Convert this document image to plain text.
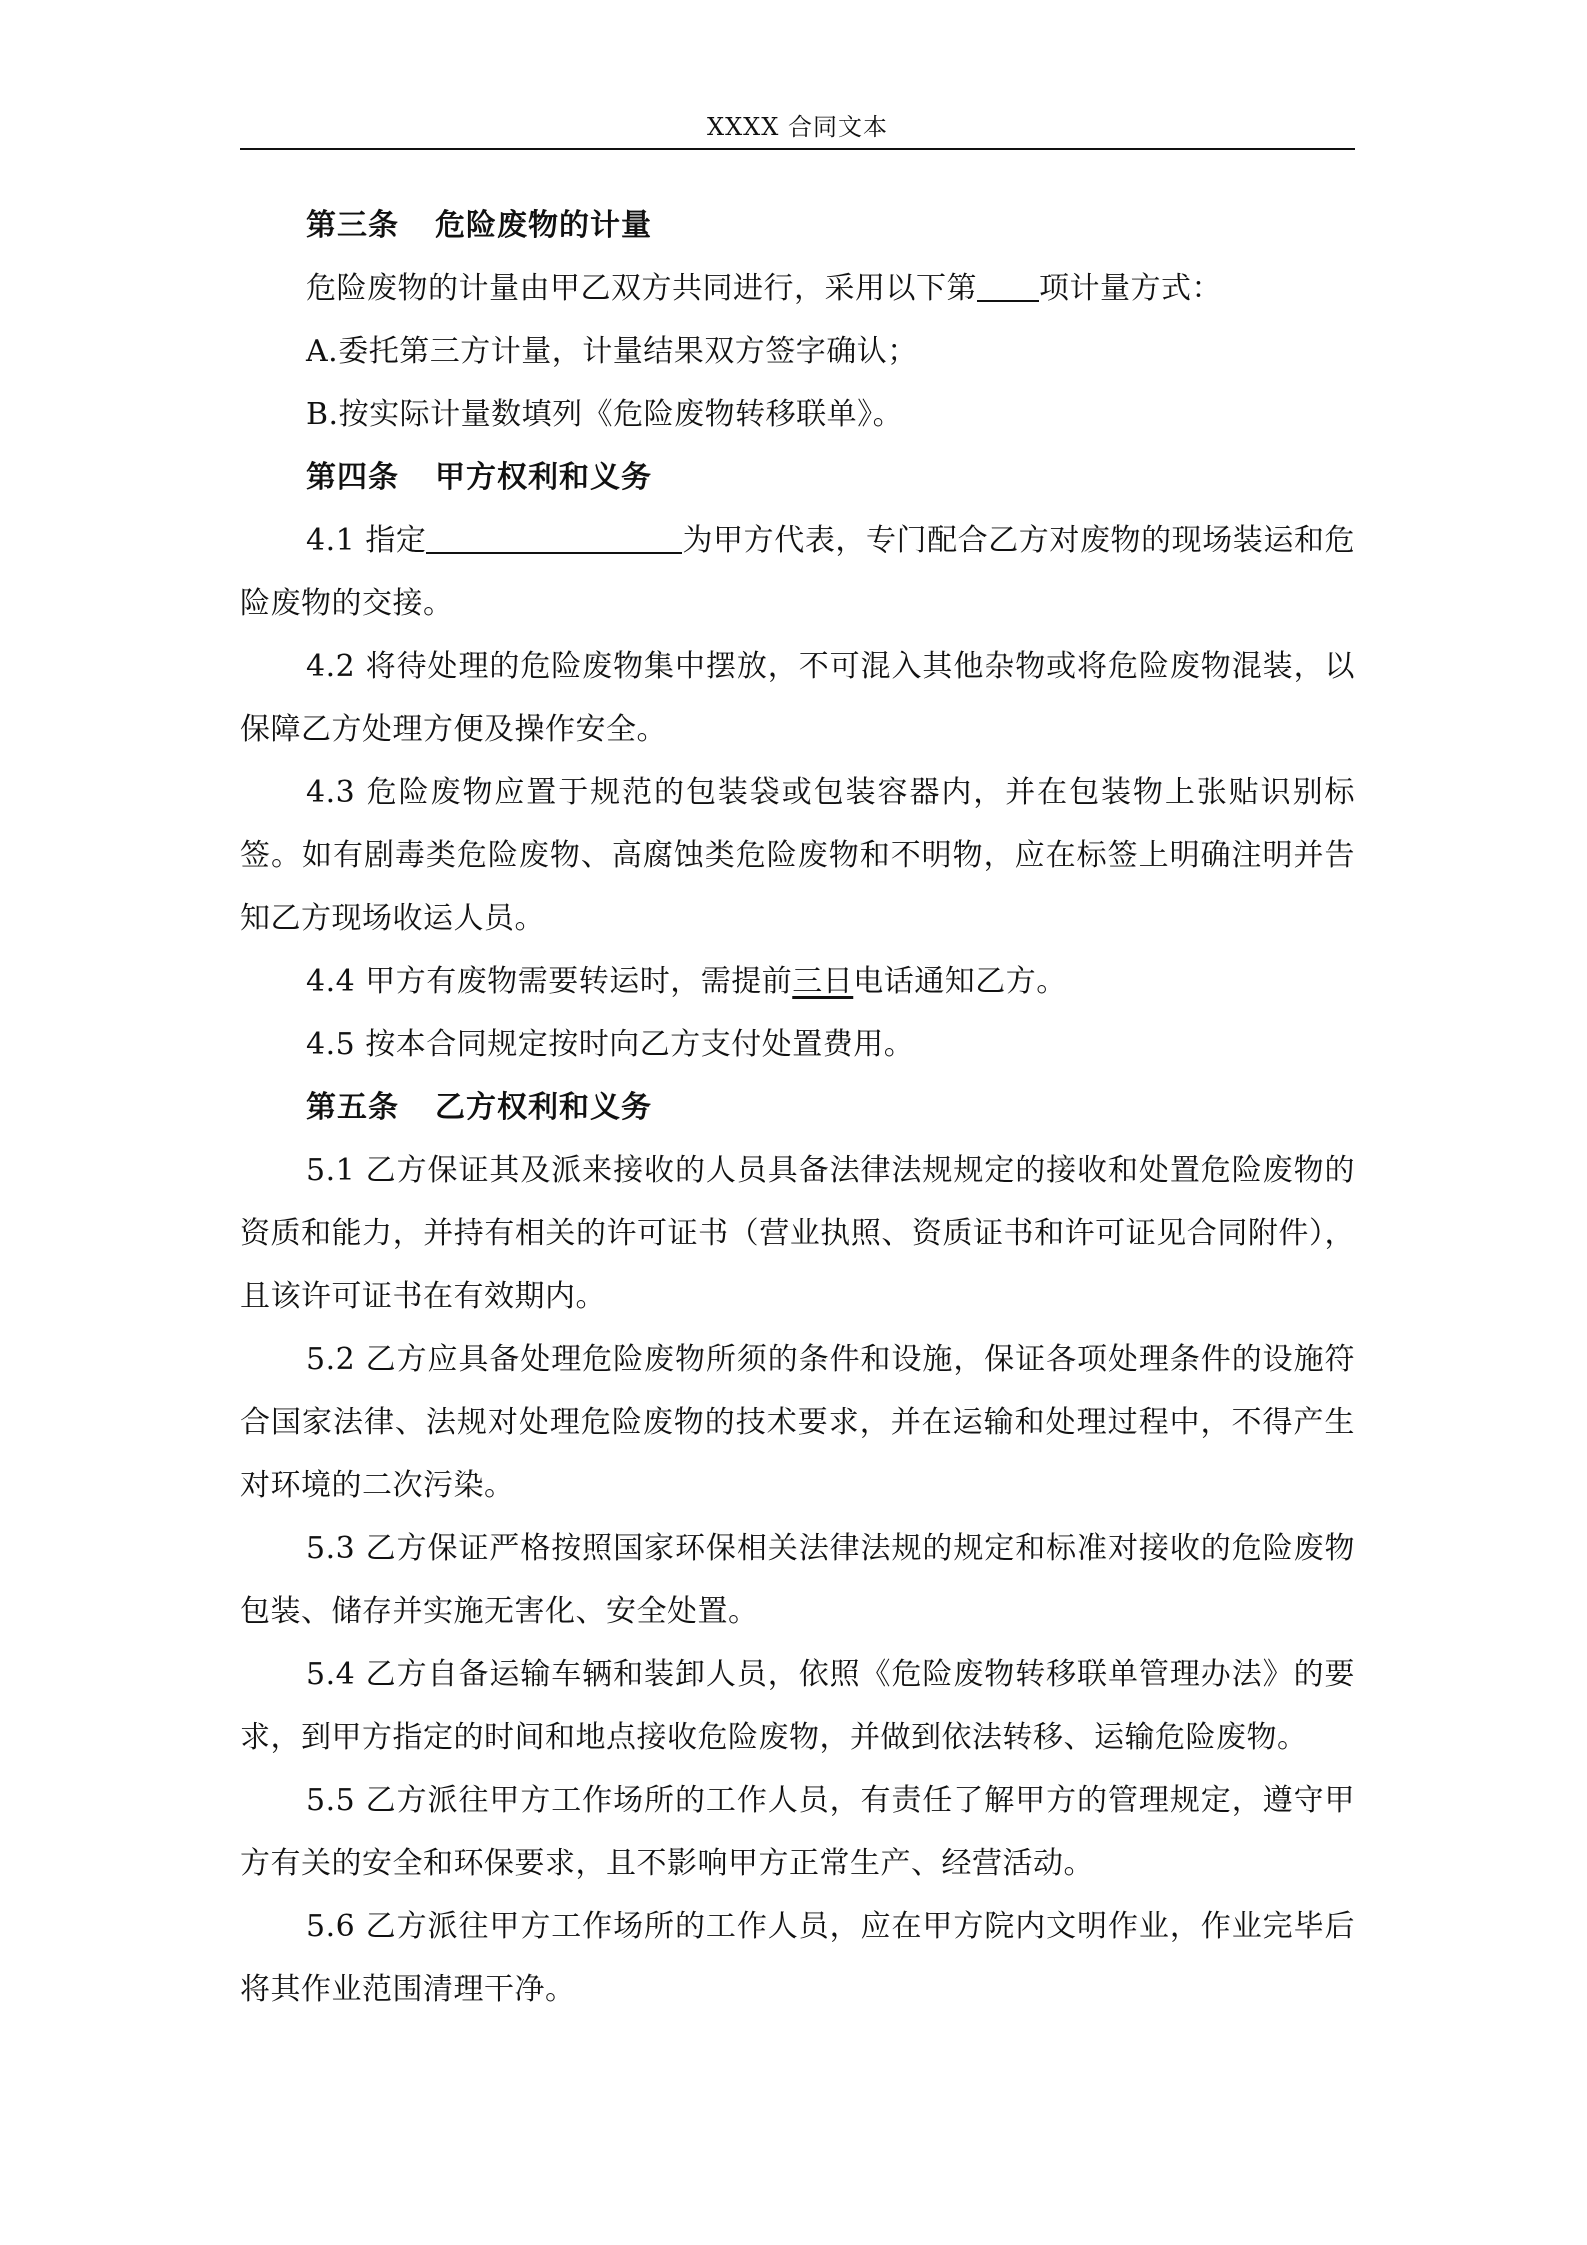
XXXX 合同文本

第三条 危险废物的计量

危险废物的计量由甲乙双方共同进行，采用以下第 项计量方式：

A.委托第三方计量，计量结果双方签字确认；

B.按实际计量数填列《危险废物转移联单》。

第四条 甲方权利和义务

4.1 指定	为甲方代表，专门配合乙方对废物的现场装运和危险废物的交接。

4.2 将待处理的危险废物集中摆放，不可混入其他杂物或将危险废物混装，以保障乙方处理方便及操作安全。

4.3 危险废物应置于规范的包装袋或包装容器内，并在包装物上张贴识别标签。如有剧毒类危险废物、高腐蚀类危险废物和不明物，应在标签上明确注明并告知乙方现场收运人员。

4.4 甲方有废物需要转运时，需提前三日电话通知乙方。

4.5 按本合同规定按时向乙方支付处置费用。

第五条 乙方权利和义务

5.1 乙方保证其及派来接收的人员具备法律法规规定的接收和处置危险废物的资质和能力，并持有相关的许可证书（营业执照、资质证书和许可证见合同附件），且该许可证书在有效期内。

5.2 乙方应具备处理危险废物所须的条件和设施，保证各项处理条件的设施符合国家法律、法规对处理危险废物的技术要求，并在运输和处理过程中，不得产生对环境的二次污染。

5.3 乙方保证严格按照国家环保相关法律法规的规定和标准对接收的危险废物包装、储存并实施无害化、安全处置。

5.4 乙方自备运输车辆和装卸人员，依照《危险废物转移联单管理办法》的要求，到甲方指定的时间和地点接收危险废物，并做到依法转移、运输危险废物。

5.5 乙方派往甲方工作场所的工作人员，有责任了解甲方的管理规定，遵守甲方有关的安全和环保要求，且不影响甲方正常生产、经营活动。

5.6 乙方派往甲方工作场所的工作人员，应在甲方院内文明作业，作业完毕后将其作业范围清理干净。
